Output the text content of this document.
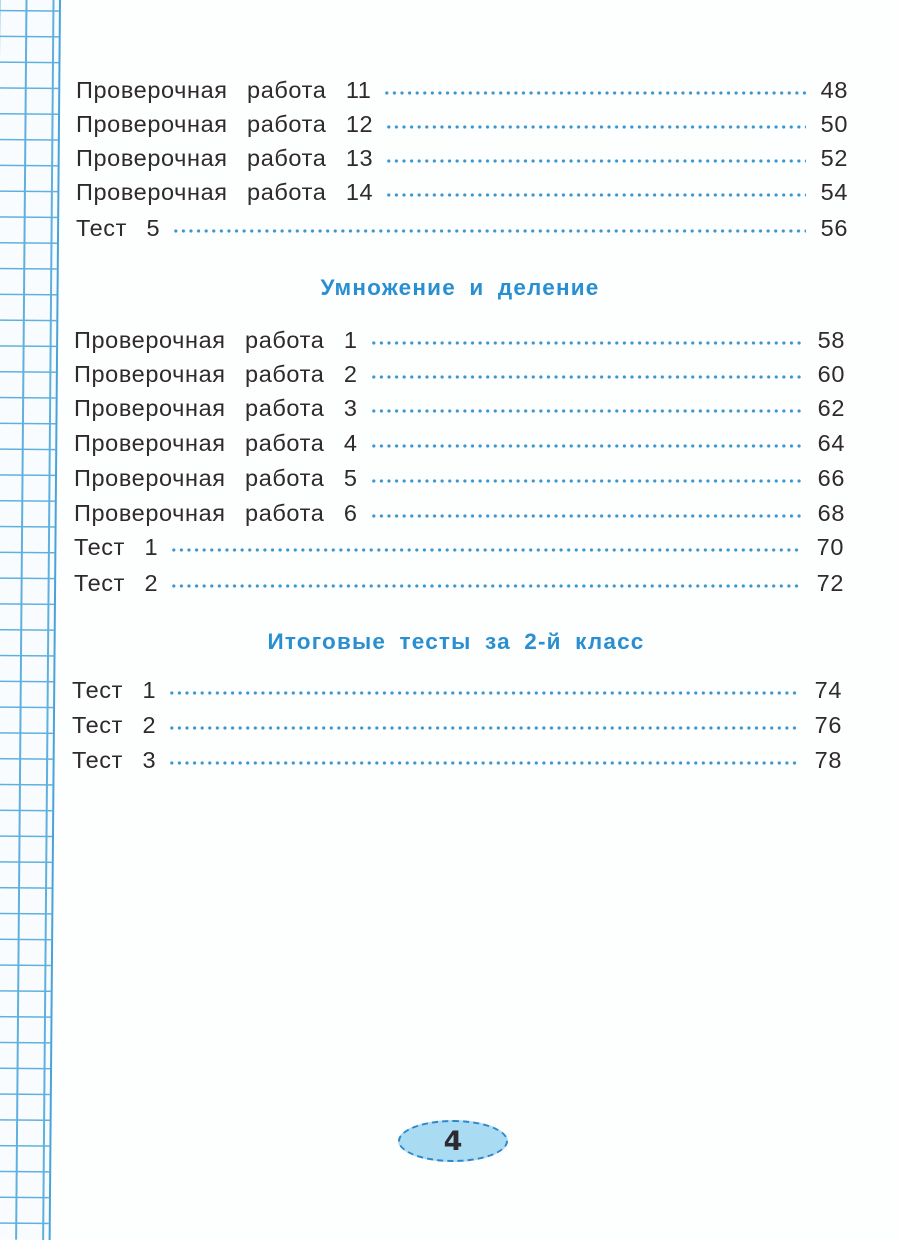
Проверочная  работа  11	48
Проверочная  работа  12	50
Проверочная  работа  13	52
Проверочная  работа  14	54
Тест  5	56
Умножение и деление
Проверочная  работа  1	58
Проверочная  работа  2	60
Проверочная  работа  3	62
Проверочная  работа  4	64
Проверочная  работа  5	66
Проверочная  работа  6	68
Тест  1	70
Тест  2	72
Итоговые тесты за 2-й класс
Тест  1	74
Тест  2	76
Тест  3	78
4
